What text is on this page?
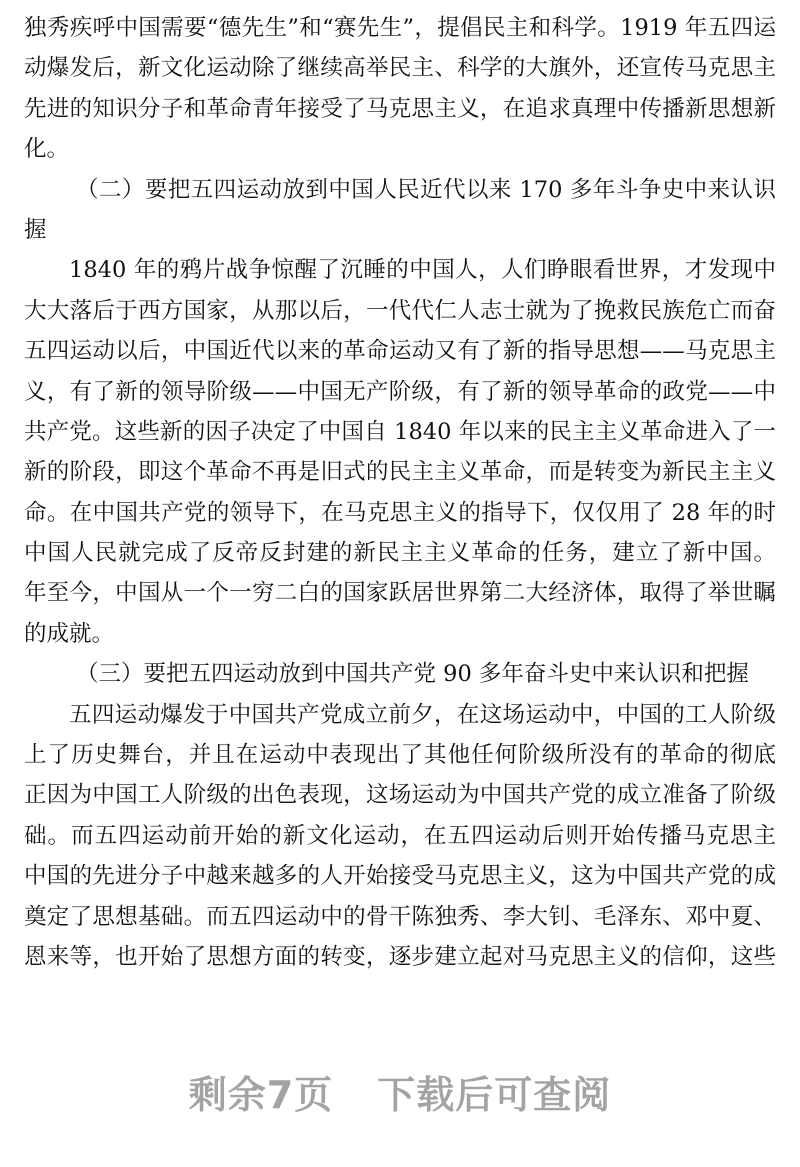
独秀疾呼中国需要“德先生”和“赛先生”，提倡民主和科学。1919 年五四运
动爆发后，新文化运动除了继续高举民主、科学的大旗外，还宣传马克思主
先进的知识分子和革命青年接受了马克思主义，在追求真理中传播新思想新
化。
（二）要把五四运动放到中国人民近代以来 170 多年斗争史中来认识
握
1840 年的鸦片战争惊醒了沉睡的中国人，人们睁眼看世界，才发现中
大大落后于西方国家，从那以后，一代代仁人志士就为了挽救民族危亡而奋
五四运动以后，中国近代以来的革命运动又有了新的指导思想——马克思主
义，有了新的领导阶级——中国无产阶级，有了新的领导革命的政党——中
共产党。这些新的因子决定了中国自 1840 年以来的民主主义革命进入了一
新的阶段，即这个革命不再是旧式的民主主义革命，而是转变为新民主主义
命。在中国共产党的领导下，在马克思主义的指导下，仅仅用了 28 年的时
中国人民就完成了反帝反封建的新民主主义革命的任务，建立了新中国。
年至今，中国从一个一穷二白的国家跃居世界第二大经济体，取得了举世瞩
的成就。
（三）要把五四运动放到中国共产党 90 多年奋斗史中来认识和把握
五四运动爆发于中国共产党成立前夕，在这场运动中，中国的工人阶级
上了历史舞台，并且在运动中表现出了其他任何阶级所没有的革命的彻底
正因为中国工人阶级的出色表现，这场运动为中国共产党的成立准备了阶级
础。而五四运动前开始的新文化运动，在五四运动后则开始传播马克思主
中国的先进分子中越来越多的人开始接受马克思主义，这为中国共产党的成
奠定了思想基础。而五四运动中的骨干陈独秀、李大钊、毛泽东、邓中夏、
恩来等，也开始了思想方面的转变，逐步建立起对马克思主义的信仰，这些
剩余7页 下载后可查阅
